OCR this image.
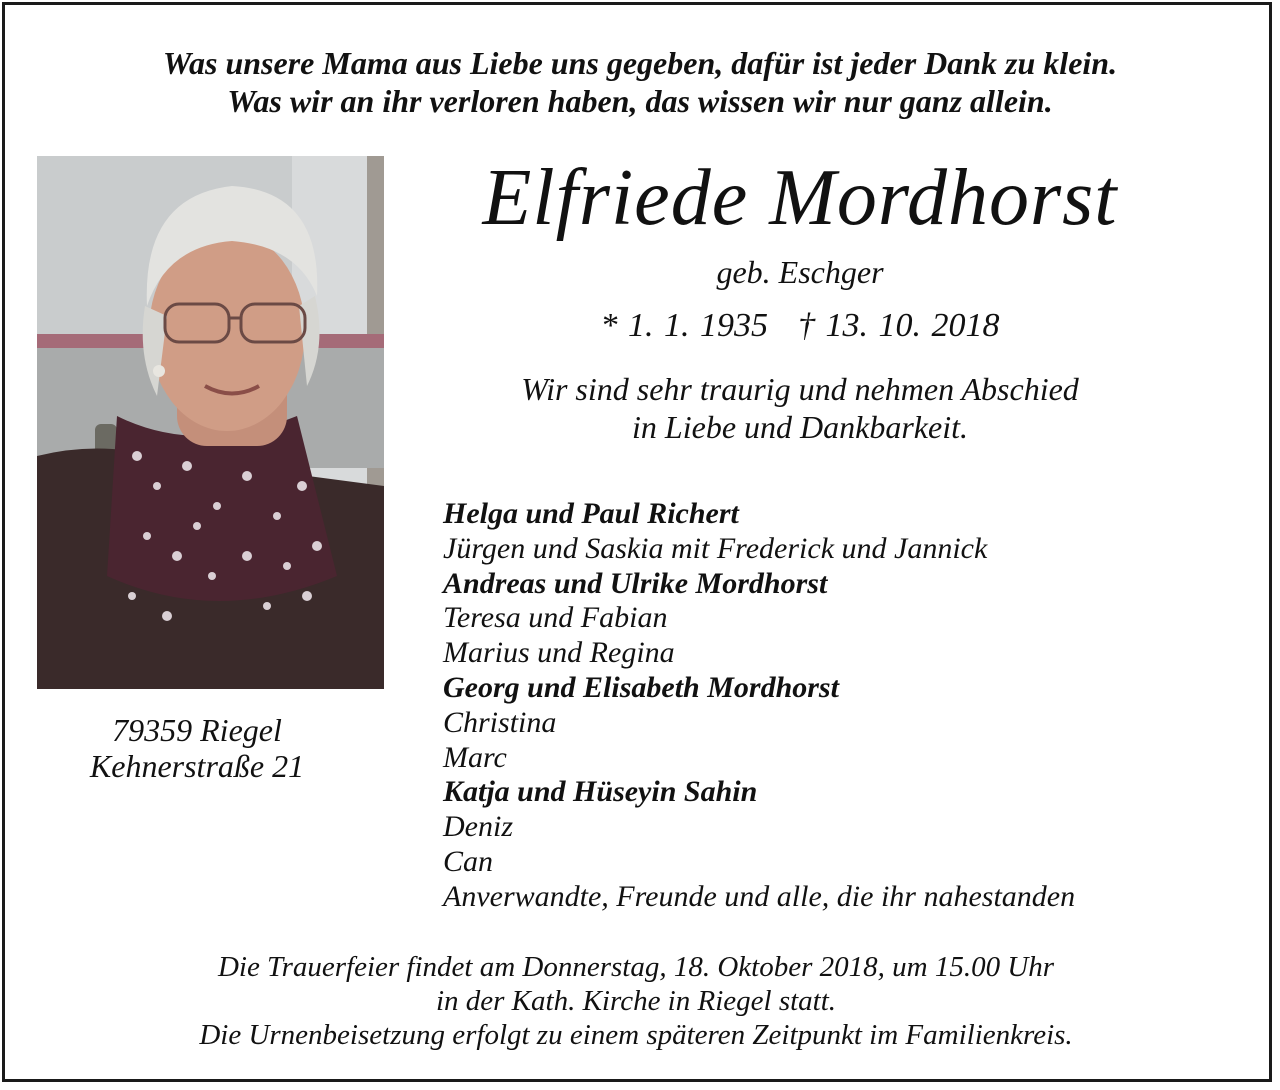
Was unsere Mama aus Liebe uns gegeben, dafür ist jeder Dank zu klein.
Was wir an ihr verloren haben, das wissen wir nur ganz allein.
79359 Riegel
Kehnerstraße 21
Elfriede Mordhorst
geb. Eschger
* 1. 1. 1935 † 13. 10. 2018
Wir sind sehr traurig und nehmen Abschied
in Liebe und Dankbarkeit.
Helga und Paul Richert
Jürgen und Saskia mit Frederick und Jannick
Andreas und Ulrike Mordhorst
Teresa und Fabian
Marius und Regina
Georg und Elisabeth Mordhorst
Christina
Marc
Katja und Hüseyin Sahin
Deniz
Can
Anverwandte, Freunde und alle, die ihr nahestanden
Die Trauerfeier findet am Donnerstag, 18. Oktober 2018, um 15.00 Uhr
in der Kath. Kirche in Riegel statt.
Die Urnenbeisetzung erfolgt zu einem späteren Zeitpunkt im Familienkreis.
